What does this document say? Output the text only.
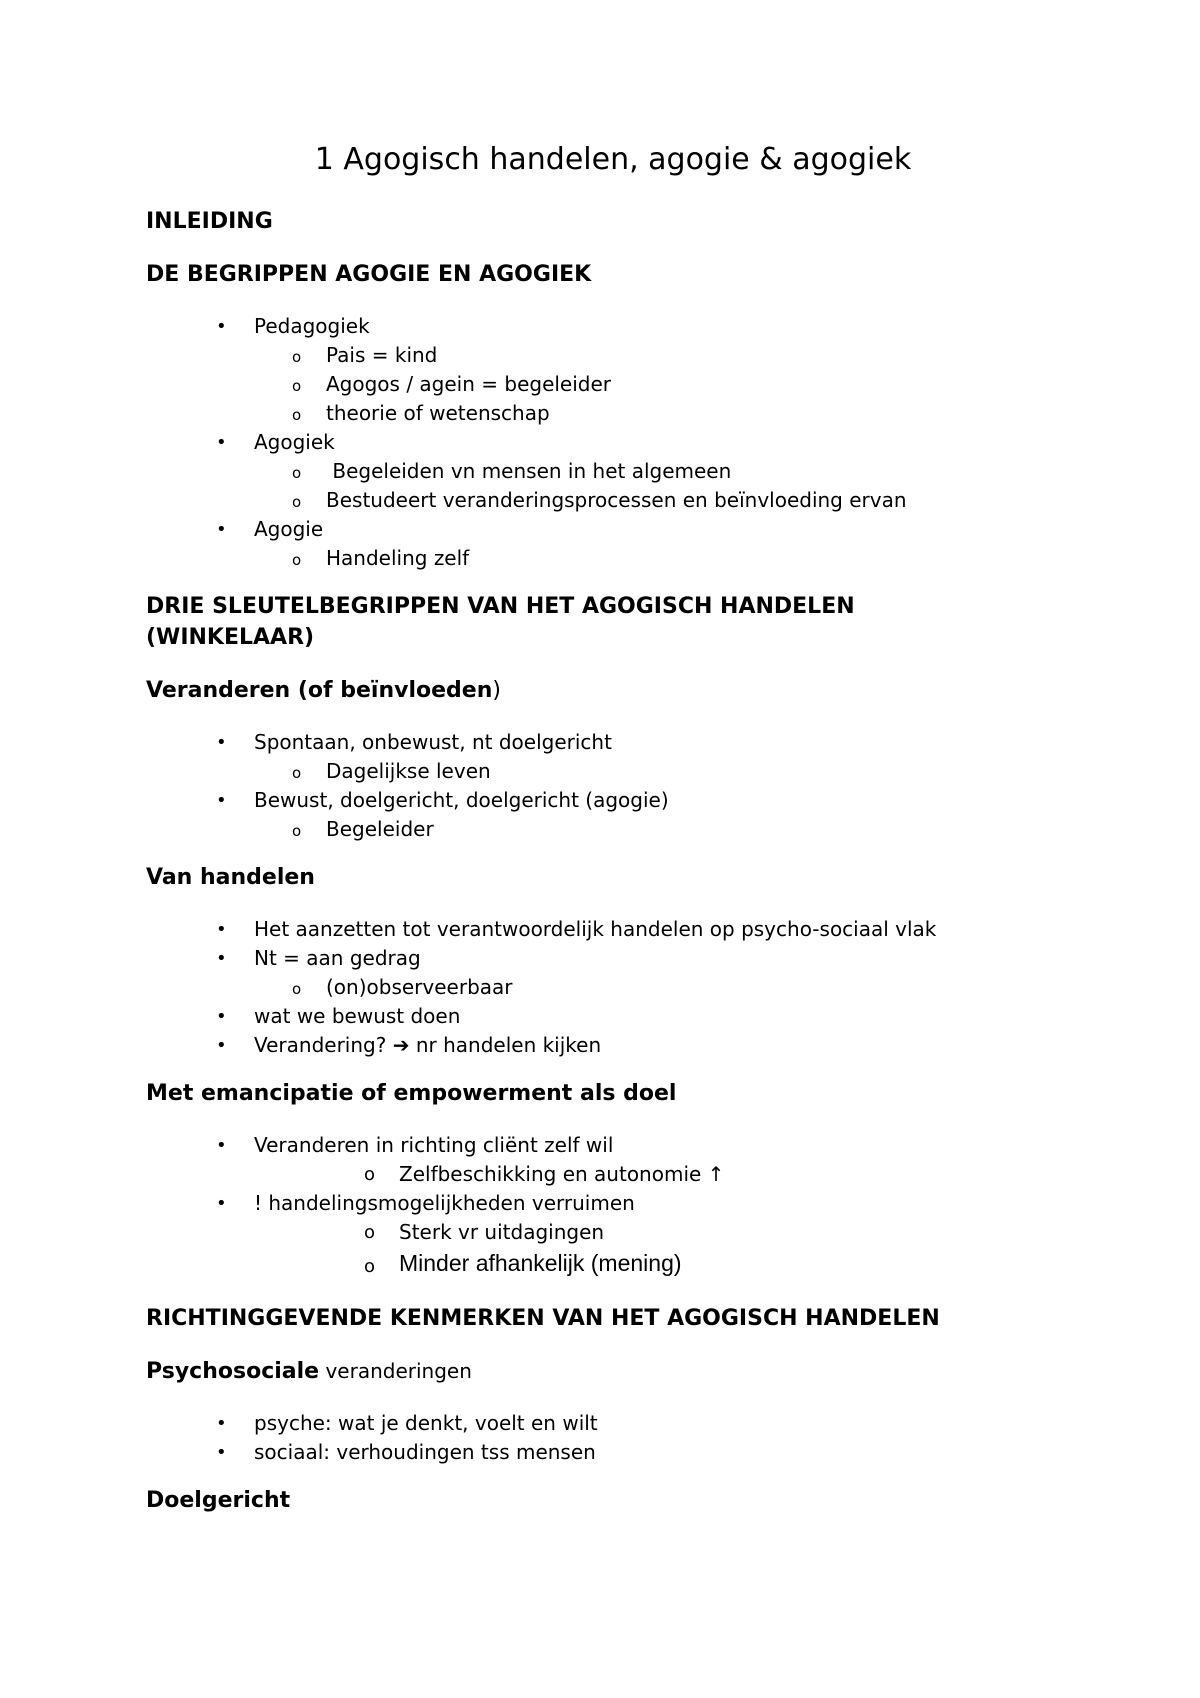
1 Agogisch handelen, agogie & agogiek
INLEIDING
DE BEGRIPPEN AGOGIE EN AGOGIEK
• Pedagogiek
o Pais = kind
o Agogos / agein = begeleider
o theorie of wetenschap
• Agogiek
o Begeleiden vn mensen in het algemeen
o Bestudeert veranderingsprocessen en beïnvloeding ervan
• Agogie
o Handeling zelf
DRIE SLEUTELBEGRIPPEN VAN HET AGOGISCH HANDELEN (WINKELAAR)
Veranderen (of beïnvloeden)
• Spontaan, onbewust, nt doelgericht
o Dagelijkse leven
• Bewust, doelgericht, doelgericht (agogie)
o Begeleider
Van handelen
• Het aanzetten tot verantwoordelijk handelen op psycho-sociaal vlak
• Nt = aan gedrag
o (on)observeerbaar
• wat we bewust doen
• Verandering? ➔ nr handelen kijken
Met emancipatie of empowerment als doel
• Veranderen in richting cliënt zelf wil
o Zelfbeschikking en autonomie ↑
• ! handelingsmogelijkheden verruimen
o Sterk vr uitdagingen
o Minder afhankelijk (mening)
RICHTINGGEVENDE KENMERKEN VAN HET AGOGISCH HANDELEN
Psychosociale veranderingen
• psyche: wat je denkt, voelt en wilt
• sociaal: verhoudingen tss mensen
Doelgericht
